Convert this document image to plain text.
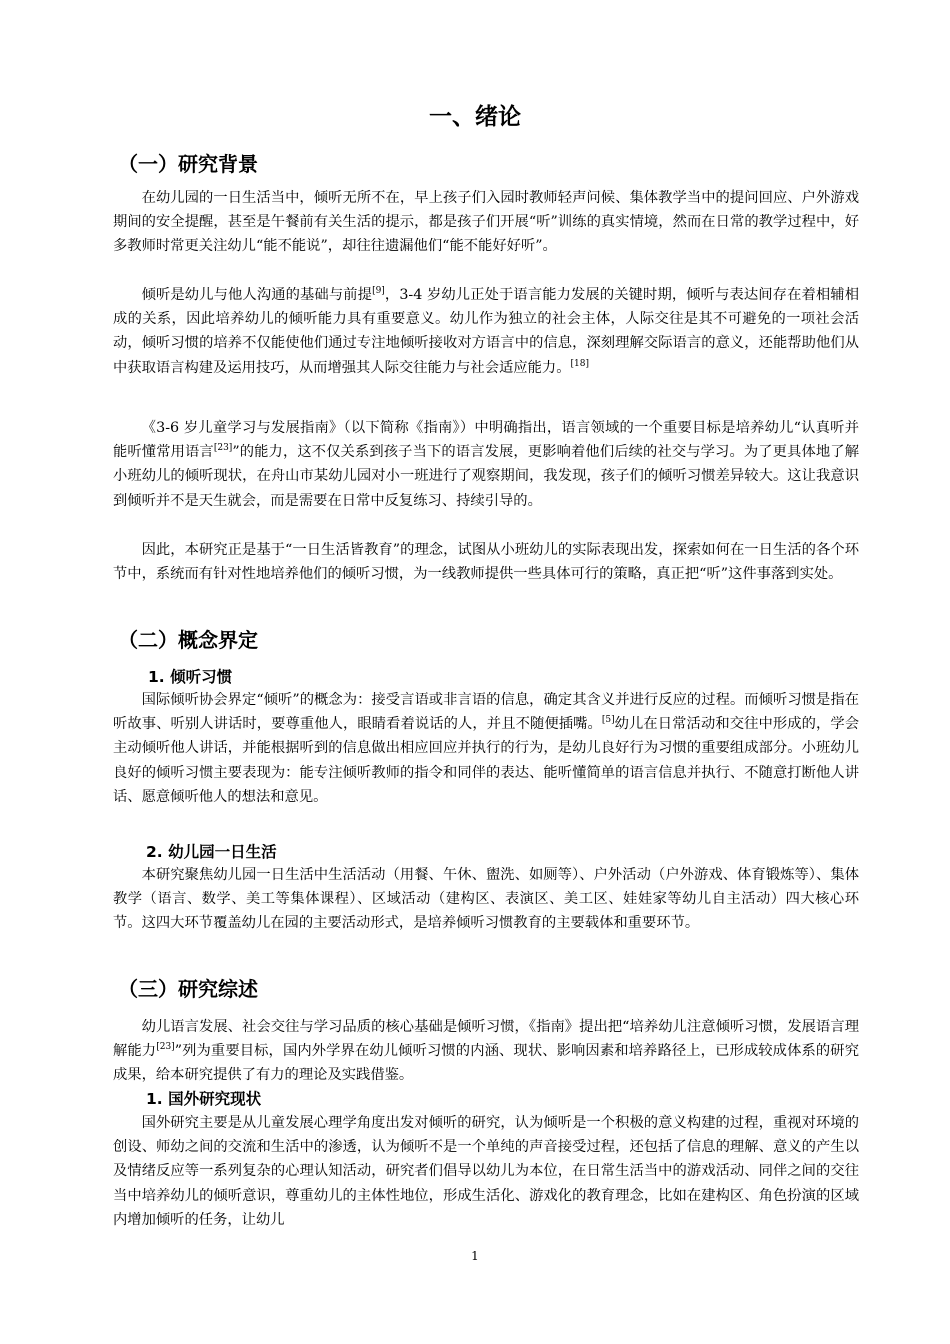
一、绪论
（一）研究背景

在幼儿园的一日生活当中，倾听无所不在，早上孩子们入园时教师轻声问候、集体教学当中的提问回应、户外游戏期间的安全提醒，甚至是午餐前有关生活的提示，都是孩子们开展“听”训练的真实情境，然而在日常的教学过程中，好多教师时常更关注幼儿“能不能说”，却往往遗漏他们“能不能好好听”。

倾听是幼儿与他人沟通的基础与前提[9]，3-4 岁幼儿正处于语言能力发展的关键时期，倾听与表达间存在着相辅相成的关系，因此培养幼儿的倾听能力具有重要意义。幼儿作为独立的社会主体，人际交往是其不可避免的一项社会活动，倾听习惯的培养不仅能使他们通过专注地倾听接收对方语言中的信息，深刻理解交际语言的意义，还能帮助他们从中获取语言构建及运用技巧，从而增强其人际交往能力与社会适应能力。[18]

《3-6 岁儿童学习与发展指南》（以下简称《指南》）中明确指出，语言领域的一个重要目标是培养幼儿“认真听并能听懂常用语言[23]”的能力，这不仅关系到孩子当下的语言发展，更影响着他们后续的社交与学习。为了更具体地了解小班幼儿的倾听现状，在舟山市某幼儿园对小一班进行了观察期间，我发现，孩子们的倾听习惯差异较大。这让我意识到倾听并不是天生就会，而是需要在日常中反复练习、持续引导的。

因此，本研究正是基于“一日生活皆教育”的理念，试图从小班幼儿的实际表现出发，探索如何在一日生活的各个环节中，系统而有针对性地培养他们的倾听习惯，为一线教师提供一些具体可行的策略，真正把“听”这件事落到实处。

（二）概念界定
1. 倾听习惯

国际倾听协会界定“倾听”的概念为：接受言语或非言语的信息，确定其含义并进行反应的过程。而倾听习惯是指在听故事、听别人讲话时，要尊重他人，眼睛看着说话的人，并且不随便插嘴。[5]幼儿在日常活动和交往中形成的，学会主动倾听他人讲话，并能根据听到的信息做出相应回应并执行的行为，是幼儿良好行为习惯的重要组成部分。小班幼儿良好的倾听习惯主要表现为：能专注倾听教师的指令和同伴的表达、能听懂简单的语言信息并执行、不随意打断他人讲话、愿意倾听他人的想法和意见。

2. 幼儿园一日生活

本研究聚焦幼儿园一日生活中生活活动（用餐、午休、盥洗、如厕等）、户外活动（户外游戏、体育锻炼等）、集体教学（语言、数学、美工等集体课程）、区域活动（建构区、表演区、美工区、娃娃家等幼儿自主活动）四大核心环节。这四大环节覆盖幼儿在园的主要活动形式，是培养倾听习惯教育的主要载体和重要环节。

（三）研究综述

幼儿语言发展、社会交往与学习品质的核心基础是倾听习惯，《指南》提出把“培养幼儿注意倾听习惯，发展语言理解能力[23]”列为重要目标，国内外学界在幼儿倾听习惯的内涵、现状、影响因素和培养路径上，已形成较成体系的研究成果，给本研究提供了有力的理论及实践借鉴。

1. 国外研究现状

国外研究主要是从儿童发展心理学角度出发对倾听的研究，认为倾听是一个积极的意义构建的过程，重视对环境的创设、师幼之间的交流和生活中的渗透，认为倾听不是一个单纯的声音接受过程，还包括了信息的理解、意义的产生以及情绪反应等一系列复杂的心理认知活动，研究者们倡导以幼儿为本位，在日常生活当中的游戏活动、同伴之间的交往当中培养幼儿的倾听意识，尊重幼儿的主体性地位，形成生活化、游戏化的教育理念，比如在建构区、角色扮演的区域内增加倾听的任务，让幼儿

1
